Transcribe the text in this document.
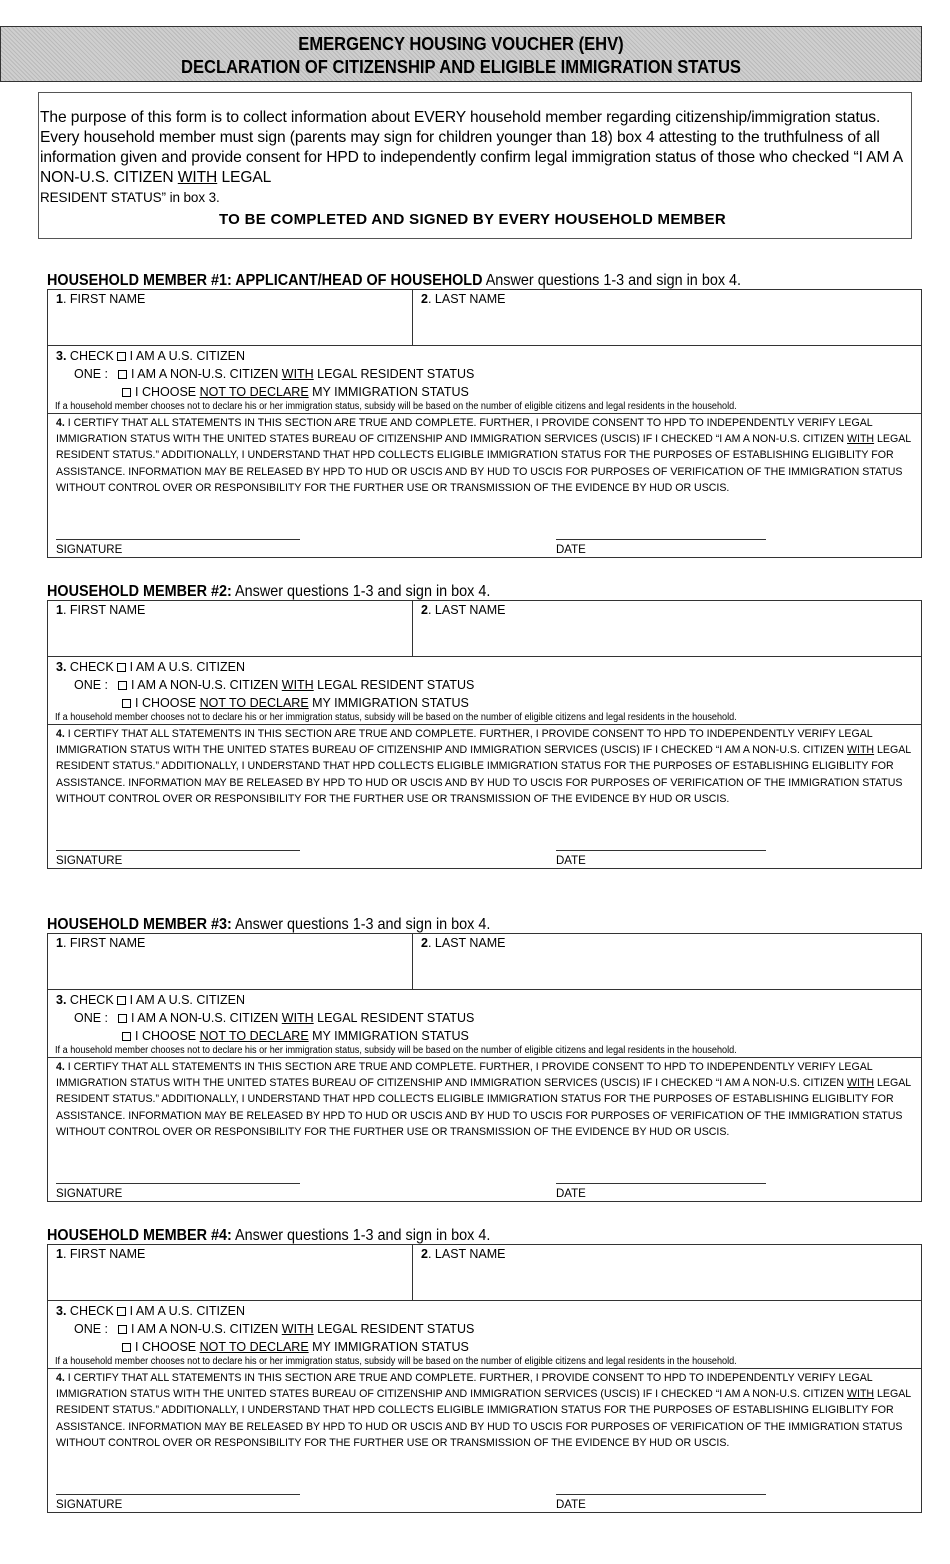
EMERGENCY HOUSING VOUCHER (EHV)
DECLARATION OF CITIZENSHIP AND ELIGIBLE IMMIGRATION STATUS
The purpose of this form is to collect information about EVERY household member regarding citizenship/immigration status. Every household member must sign (parents may sign for children younger than 18) box 4 attesting to the truthfulness of all information given and provide consent for HPD to independently confirm legal immigration status of those who checked “I AM A NON-U.S. CITIZEN WITH LEGAL
RESIDENT STATUS” in box 3.
TO BE COMPLETED AND SIGNED BY EVERY HOUSEHOLD MEMBER
HOUSEHOLD MEMBER #1: APPLICANT/HEAD OF HOUSEHOLD Answer questions 1-3 and sign in box 4.
1. FIRST NAME	2. LAST NAME
3. CHECK I AM A U.S. CITIZEN
ONE : I AM A NON-U.S. CITIZEN WITH LEGAL RESIDENT STATUS
I CHOOSE NOT TO DECLARE MY IMMIGRATION STATUS
If a household member chooses not to declare his or her immigration status, subsidy will be based on the number of eligible citizens and legal residents in the household.
4. I CERTIFY THAT ALL STATEMENTS IN THIS SECTION ARE TRUE AND COMPLETE. FURTHER, I PROVIDE CONSENT TO HPD TO INDEPENDENTLY VERIFY LEGAL IMMIGRATION STATUS WITH THE UNITED STATES BUREAU OF CITIZENSHIP AND IMMIGRATION SERVICES (USCIS) IF I CHECKED “I AM A NON-U.S. CITIZEN WITH LEGAL RESIDENT STATUS.” ADDITIONALLY, I UNDERSTAND THAT HPD COLLECTS ELIGIBLE IMMIGRATION STATUS FOR THE PURPOSES OF ESTABLISHING ELIGIBLITY FOR ASSISTANCE. INFORMATION MAY BE RELEASED BY HPD TO HUD OR USCIS AND BY HUD TO USCIS FOR PURPOSES OF VERIFICATION OF THE IMMIGRATION STATUS WITHOUT CONTROL OVER OR RESPONSIBILITY FOR THE FURTHER USE OR TRANSMISSION OF THE EVIDENCE BY HUD OR USCIS.
SIGNATURE	DATE
HOUSEHOLD MEMBER #2: Answer questions 1-3 and sign in box 4.
1. FIRST NAME	2. LAST NAME
3. CHECK I AM A U.S. CITIZEN
ONE : I AM A NON-U.S. CITIZEN WITH LEGAL RESIDENT STATUS
I CHOOSE NOT TO DECLARE MY IMMIGRATION STATUS
If a household member chooses not to declare his or her immigration status, subsidy will be based on the number of eligible citizens and legal residents in the household.
4. I CERTIFY THAT ALL STATEMENTS IN THIS SECTION ARE TRUE AND COMPLETE. FURTHER, I PROVIDE CONSENT TO HPD TO INDEPENDENTLY VERIFY LEGAL IMMIGRATION STATUS WITH THE UNITED STATES BUREAU OF CITIZENSHIP AND IMMIGRATION SERVICES (USCIS) IF I CHECKED “I AM A NON-U.S. CITIZEN WITH LEGAL RESIDENT STATUS.” ADDITIONALLY, I UNDERSTAND THAT HPD COLLECTS ELIGIBLE IMMIGRATION STATUS FOR THE PURPOSES OF ESTABLISHING ELIGIBLITY FOR ASSISTANCE. INFORMATION MAY BE RELEASED BY HPD TO HUD OR USCIS AND BY HUD TO USCIS FOR PURPOSES OF VERIFICATION OF THE IMMIGRATION STATUS WITHOUT CONTROL OVER OR RESPONSIBILITY FOR THE FURTHER USE OR TRANSMISSION OF THE EVIDENCE BY HUD OR USCIS.
SIGNATURE	DATE
HOUSEHOLD MEMBER #3: Answer questions 1-3 and sign in box 4.
1. FIRST NAME	2. LAST NAME
3. CHECK I AM A U.S. CITIZEN
ONE : I AM A NON-U.S. CITIZEN WITH LEGAL RESIDENT STATUS
I CHOOSE NOT TO DECLARE MY IMMIGRATION STATUS
If a household member chooses not to declare his or her immigration status, subsidy will be based on the number of eligible citizens and legal residents in the household.
4. I CERTIFY THAT ALL STATEMENTS IN THIS SECTION ARE TRUE AND COMPLETE. FURTHER, I PROVIDE CONSENT TO HPD TO INDEPENDENTLY VERIFY LEGAL IMMIGRATION STATUS WITH THE UNITED STATES BUREAU OF CITIZENSHIP AND IMMIGRATION SERVICES (USCIS) IF I CHECKED “I AM A NON-U.S. CITIZEN WITH LEGAL RESIDENT STATUS.” ADDITIONALLY, I UNDERSTAND THAT HPD COLLECTS ELIGIBLE IMMIGRATION STATUS FOR THE PURPOSES OF ESTABLISHING ELIGIBLITY FOR ASSISTANCE. INFORMATION MAY BE RELEASED BY HPD TO HUD OR USCIS AND BY HUD TO USCIS FOR PURPOSES OF VERIFICATION OF THE IMMIGRATION STATUS WITHOUT CONTROL OVER OR RESPONSIBILITY FOR THE FURTHER USE OR TRANSMISSION OF THE EVIDENCE BY HUD OR USCIS.
SIGNATURE	DATE
HOUSEHOLD MEMBER #4: Answer questions 1-3 and sign in box 4.
1. FIRST NAME	2. LAST NAME
3. CHECK I AM A U.S. CITIZEN
ONE : I AM A NON-U.S. CITIZEN WITH LEGAL RESIDENT STATUS
I CHOOSE NOT TO DECLARE MY IMMIGRATION STATUS
If a household member chooses not to declare his or her immigration status, subsidy will be based on the number of eligible citizens and legal residents in the household.
4. I CERTIFY THAT ALL STATEMENTS IN THIS SECTION ARE TRUE AND COMPLETE. FURTHER, I PROVIDE CONSENT TO HPD TO INDEPENDENTLY VERIFY LEGAL IMMIGRATION STATUS WITH THE UNITED STATES BUREAU OF CITIZENSHIP AND IMMIGRATION SERVICES (USCIS) IF I CHECKED “I AM A NON-U.S. CITIZEN WITH LEGAL RESIDENT STATUS.” ADDITIONALLY, I UNDERSTAND THAT HPD COLLECTS ELIGIBLE IMMIGRATION STATUS FOR THE PURPOSES OF ESTABLISHING ELIGIBLITY FOR ASSISTANCE. INFORMATION MAY BE RELEASED BY HPD TO HUD OR USCIS AND BY HUD TO USCIS FOR PURPOSES OF VERIFICATION OF THE IMMIGRATION STATUS WITHOUT CONTROL OVER OR RESPONSIBILITY FOR THE FURTHER USE OR TRANSMISSION OF THE EVIDENCE BY HUD OR USCIS.
SIGNATURE	DATE
